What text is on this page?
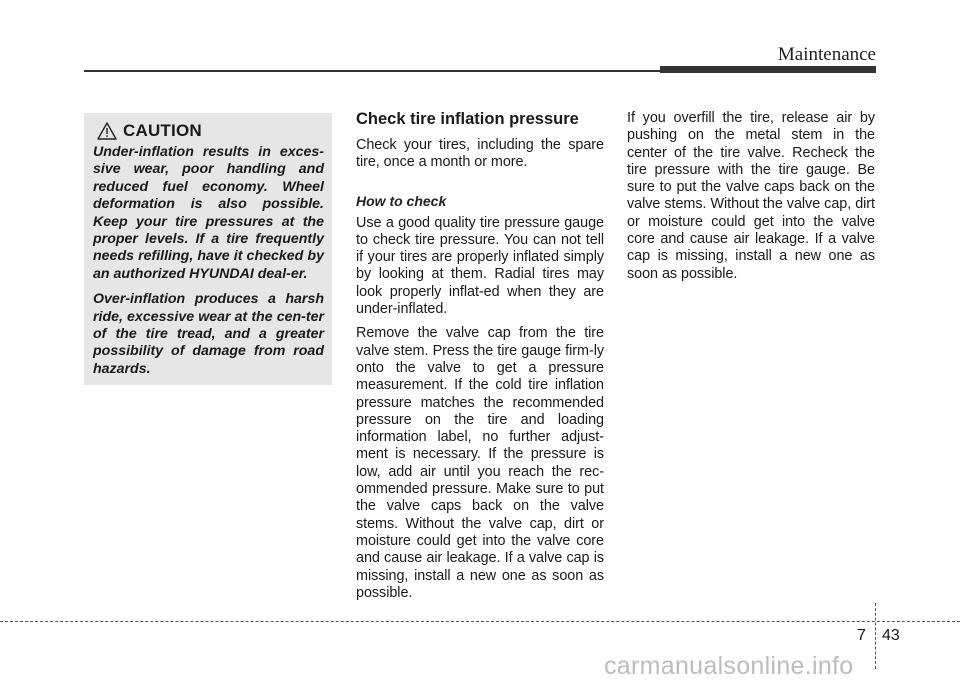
Maintenance
CAUTION

Under-inflation results in exces-sive wear, poor handling and reduced fuel economy. Wheel deformation is also possible. Keep your tire pressures at the proper levels. If a tire frequently needs refilling, have it checked by an authorized HYUNDAI deal-er.

Over-inflation produces a harsh ride, excessive wear at the cen-ter of the tire tread, and a greater possibility of damage from road hazards.

Check tire inflation pressure

Check your tires, including the spare tire, once a month or more.

How to check

Use a good quality tire pressure gauge to check tire pressure. You can not tell if your tires are properly inflated simply by looking at them. Radial tires may look properly inflat-ed when they are under-inflated.

Remove the valve cap from the tire valve stem. Press the tire gauge firm-ly onto the valve to get a pressure measurement. If the cold tire inflation pressure matches the recommended pressure on the tire and loading information label, no further adjust-ment is necessary. If the pressure is low, add air until you reach the rec-ommended pressure. Make sure to put the valve caps back on the valve stems. Without the valve cap, dirt or moisture could get into the valve core and cause air leakage. If a valve cap is missing, install a new one as soon as possible.

If you overfill the tire, release air by pushing on the metal stem in the center of the tire valve. Recheck the tire pressure with the tire gauge. Be sure to put the valve caps back on the valve stems. Without the valve cap, dirt or moisture could get into the valve core and cause air leakage. If a valve cap is missing, install a new one as soon as possible.

7 43
carmanualsonline.info
